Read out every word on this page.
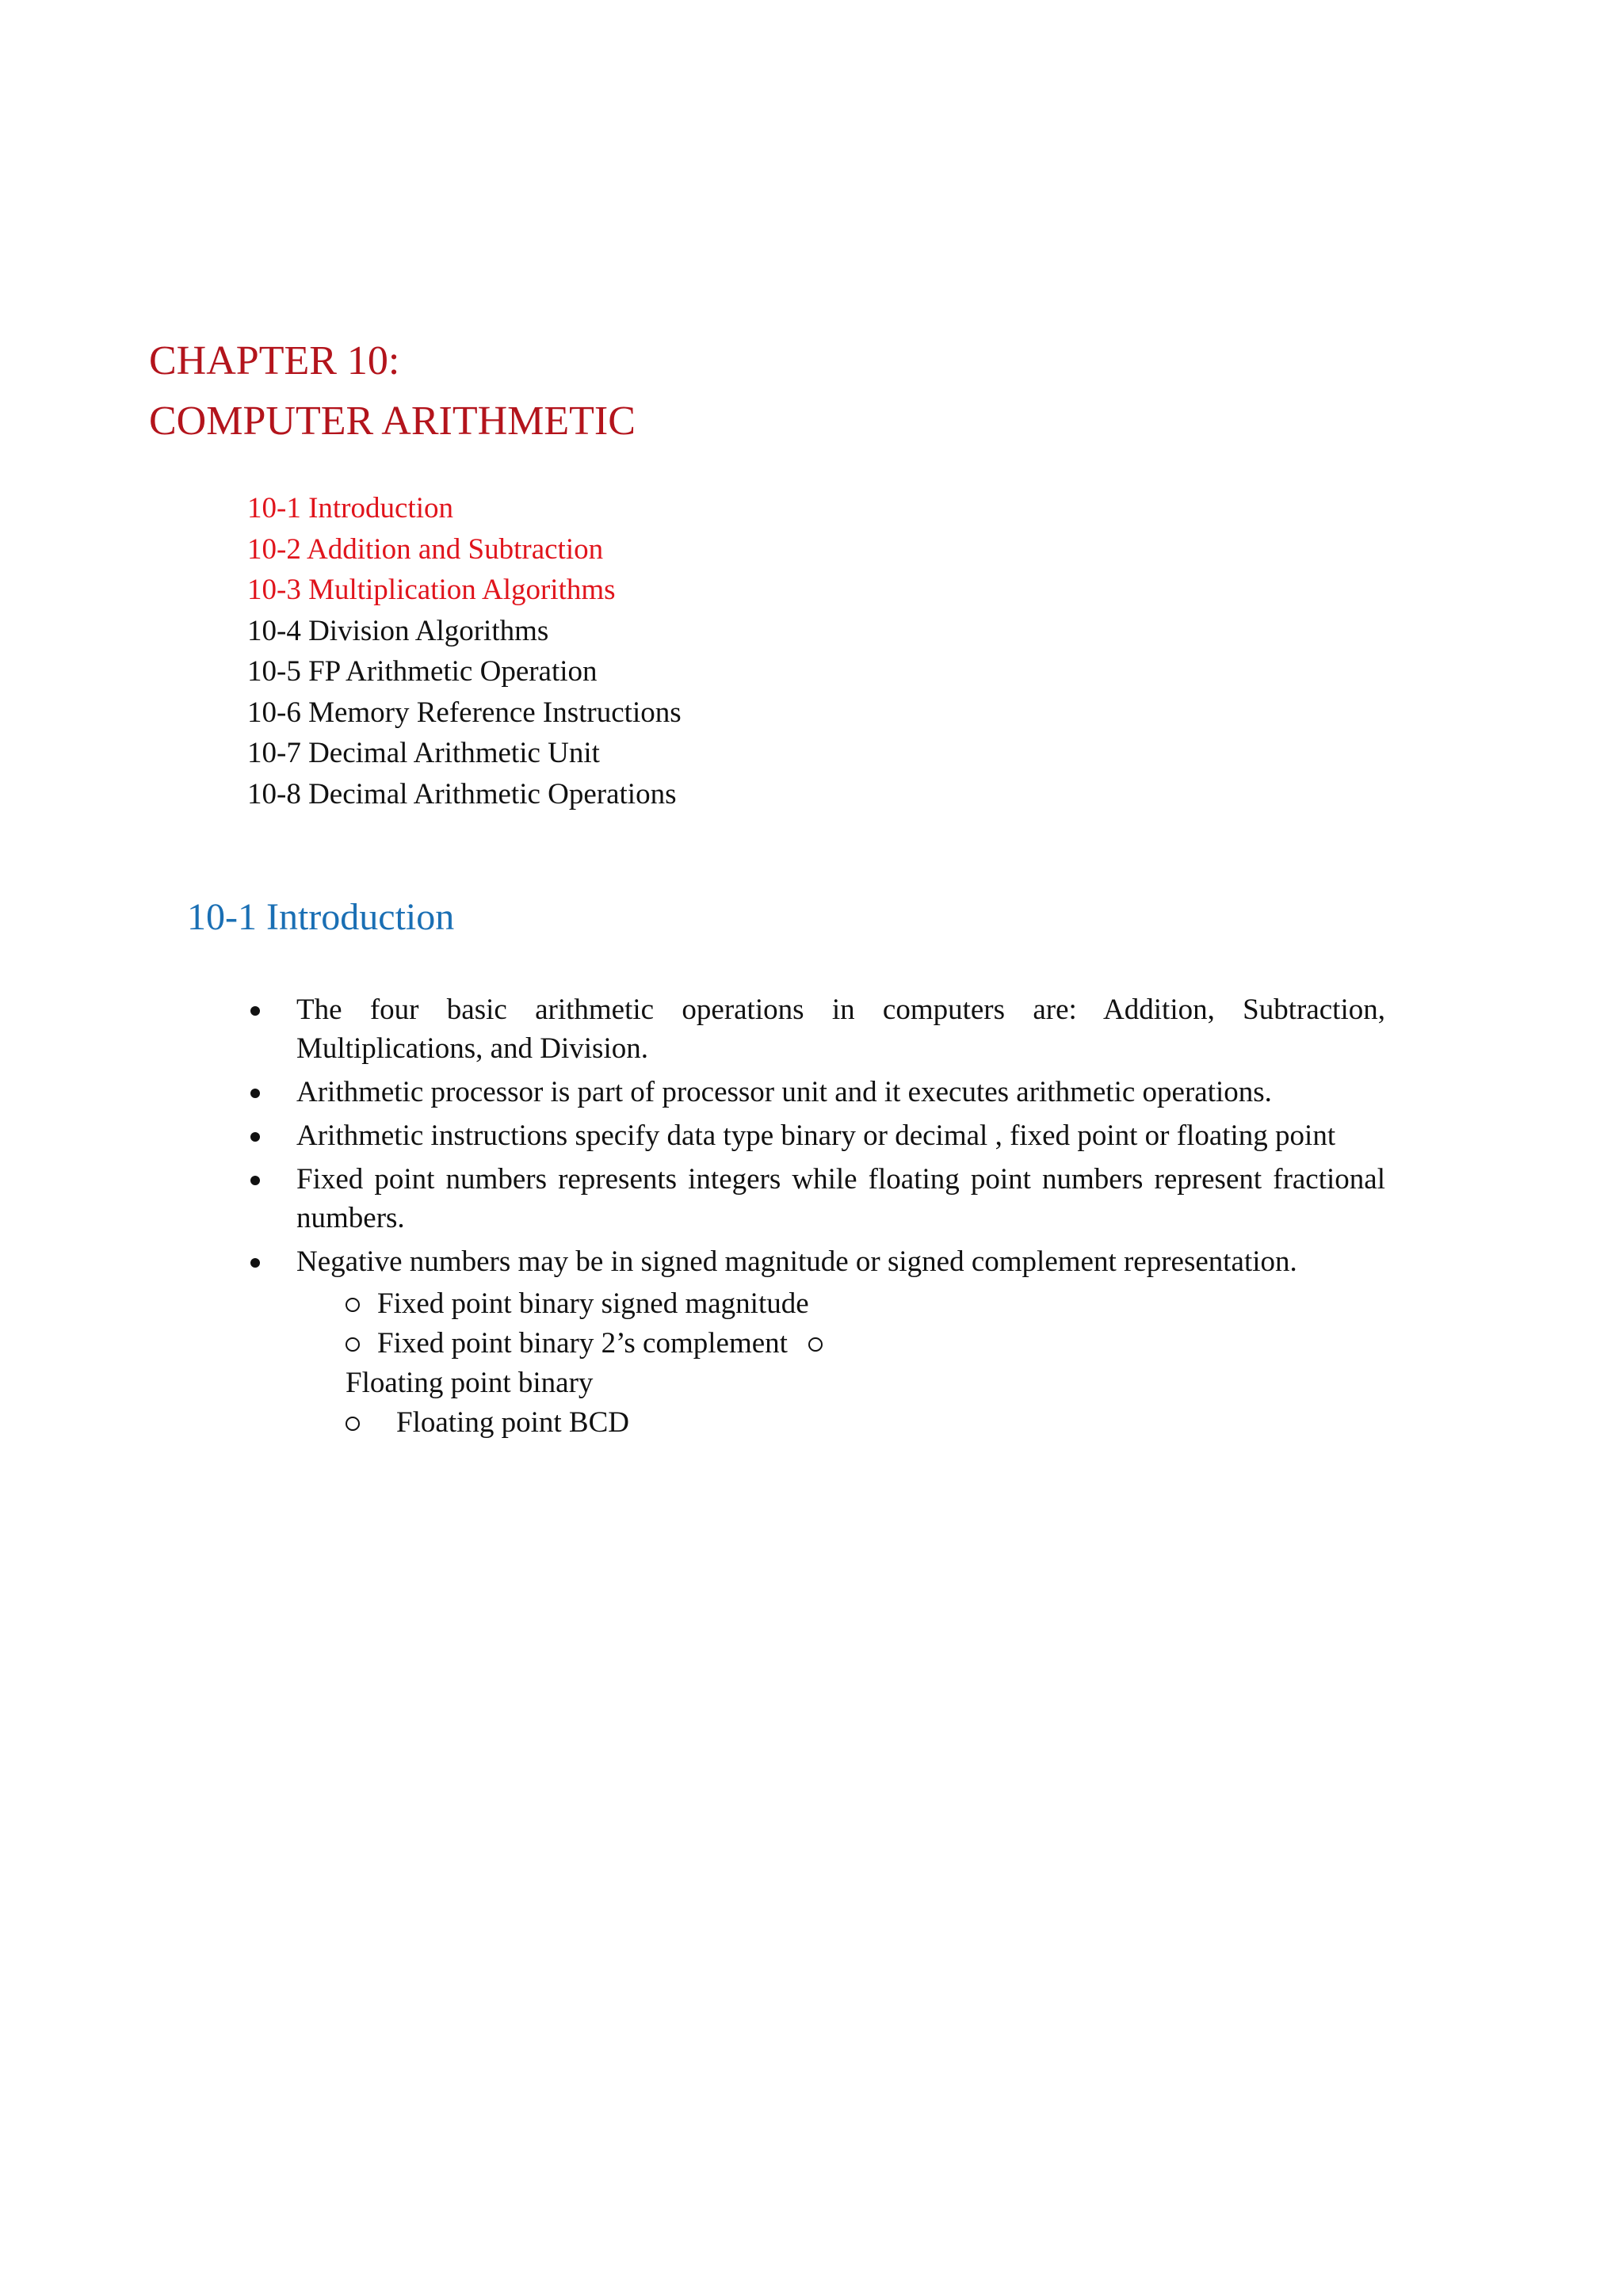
CHAPTER 10:
COMPUTER ARITHMETIC
10-1 Introduction
10-2 Addition and Subtraction
10-3 Multiplication Algorithms
10-4 Division Algorithms
10-5 FP Arithmetic Operation
10-6 Memory Reference Instructions
10-7 Decimal Arithmetic Unit
10-8 Decimal Arithmetic Operations
10-1 Introduction
The four basic arithmetic operations in computers are: Addition, Subtraction, Multiplications, and Division.
Arithmetic processor is part of processor unit and it executes arithmetic operations.
Arithmetic instructions specify data type binary or decimal , fixed point or floating point
Fixed point numbers represents integers while floating point numbers represent fractional numbers.
Negative numbers may be in signed magnitude or signed complement representation.
Fixed point binary signed magnitude
Fixed point binary 2’s complement
Floating point binary
Floating point BCD
